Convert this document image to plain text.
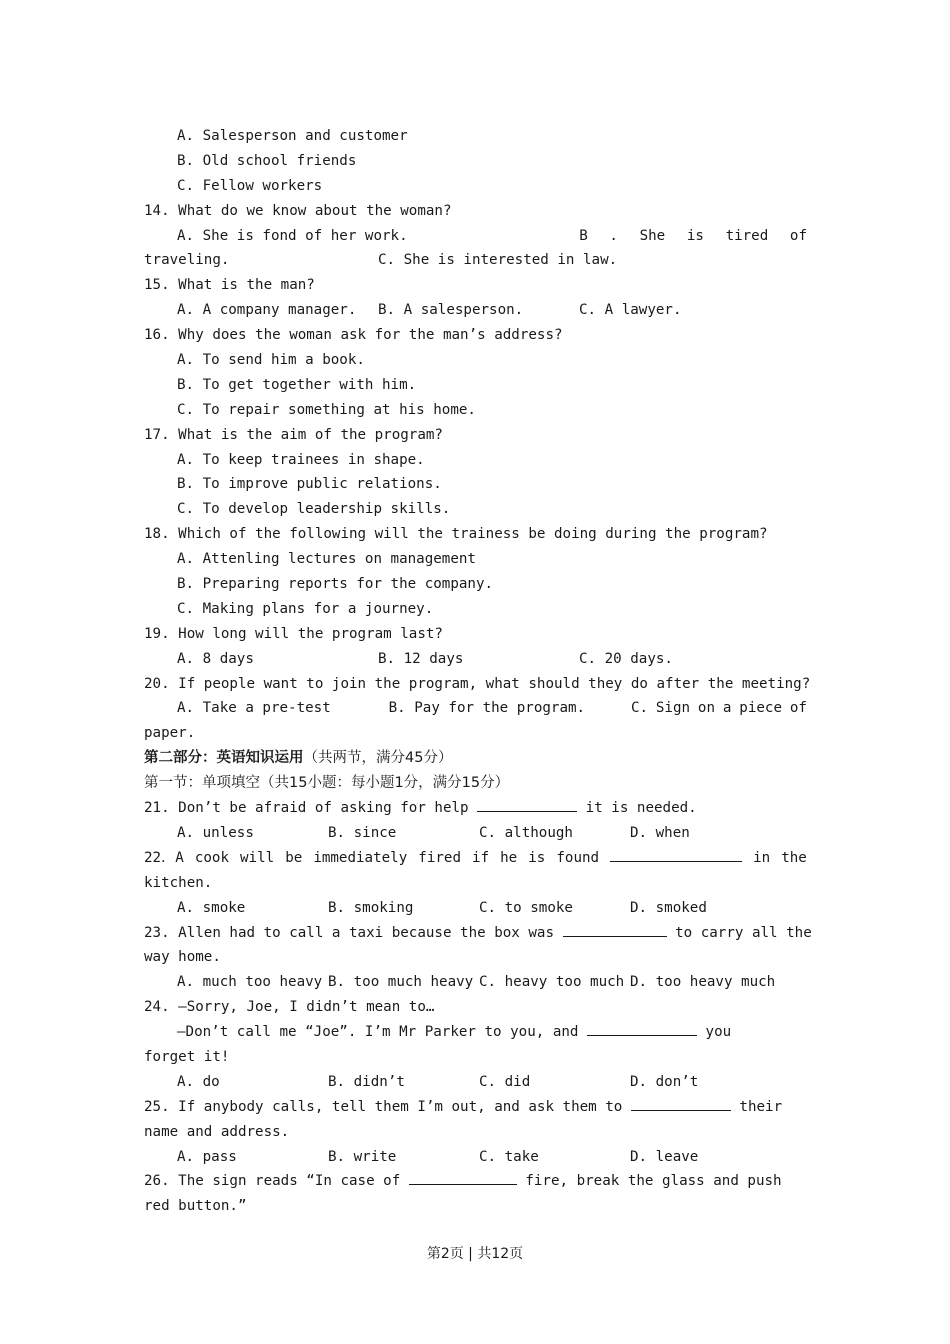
A. Salesperson and customer
B. Old school friends
C. Fellow workers
14. What do we know about the woman?
A. She is fond of her work.	B . She is tired of
traveling.	C. She is interested in law.
15. What is the man?
A. A company manager.	B. A salesperson.	C. A lawyer.
16. Why does the woman ask for the man’s address?
A. To send him a book.
B. To get together with him.
C. To repair something at his home.
17. What is the aim of the program?
A. To keep trainees in shape.
B. To improve public relations.
C. To develop leadership skills.
18. Which of the following will the trainess be doing during the program?
A. Attenling lectures on management
B. Preparing reports for the company.
C. Making plans for a journey.
19. How long will the program last?
A. 8 days	B. 12 days	C. 20 days.
20. If people want to join the program, what should they do after the meeting?
A. Take a pre-test	B. Pay for the program.	C. Sign on a piece of
paper.
第二部分：英语知识运用（共两节，满分45分）
第一节：单项填空（共15小题：每小题1分，满分15分）
21. Don’t be afraid of asking for help	it is needed.
A. unless	B. since	C. although	D. when
22．A cook will be immediately fired if he is found	in the
kitchen.
A. smoke	B. smoking	C. to smoke	D. smoked
23. Allen had to call a taxi because the box was	to carry all the
way home.
A. much too heavy B. too much heavy C. heavy too much D. too heavy much
24. —Sorry, Joe, I didn’t mean to…
—Don’t call me “Joe”. I’m Mr Parker to you, and	you
forget it!
A. do	B. didn’t	C. did	D. don’t
25. If anybody calls, tell them I’m out, and ask them to	their
name and address.
A. pass	B. write	C. take	D. leave
26. The sign reads “In case of	fire, break the glass and push
red button.”
第2页 | 共12页
